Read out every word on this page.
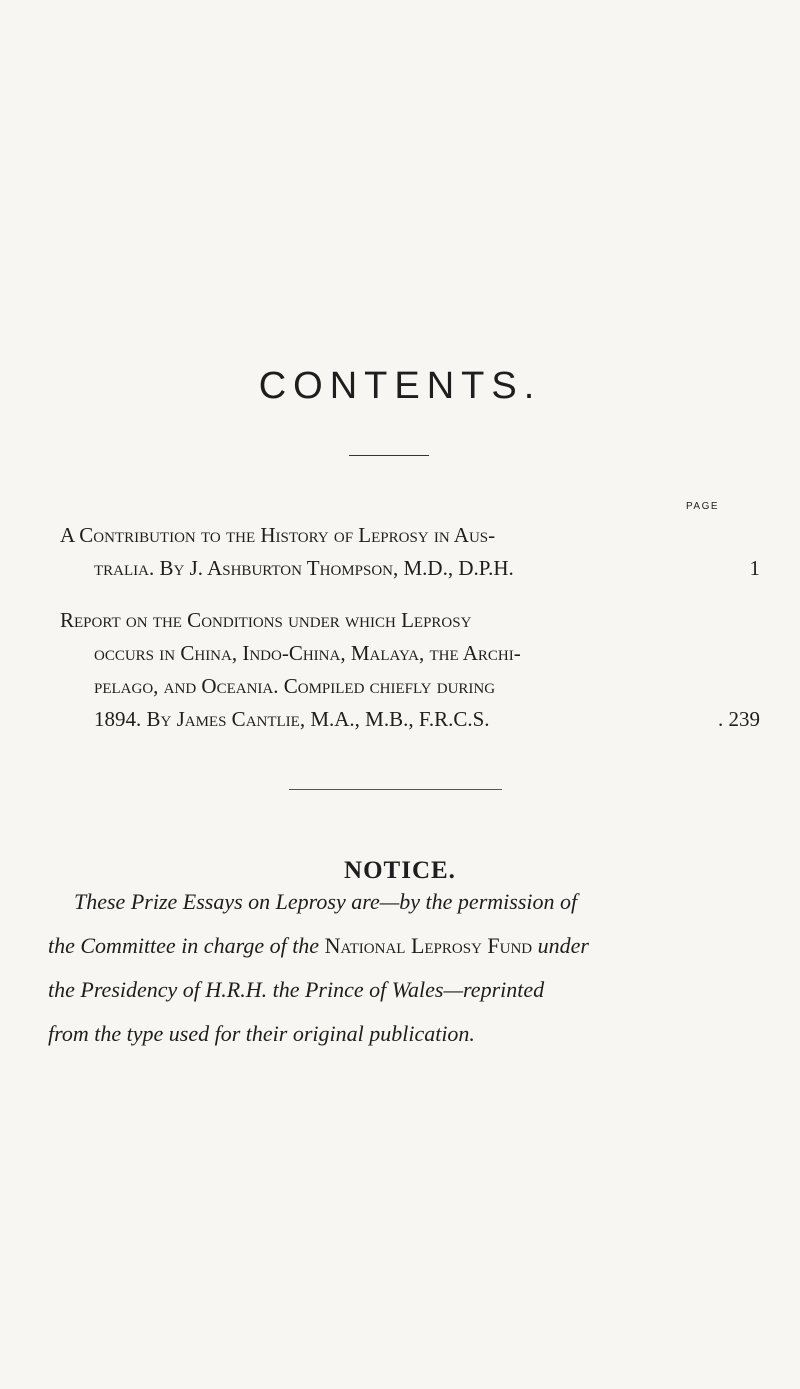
CONTENTS.
PAGE
A Contribution to the History of Leprosy in Aus-
tralia. By J. Ashburton Thompson, M.D., D.P.H.	1
Report on the Conditions under which Leprosy
occurs in China, Indo-China, Malaya, the Archi-
pelago, and Oceania. Compiled chiefly during
1894. By James Cantlie, M.A., M.B., F.R.C.S.	. 239
NOTICE.
These Prize Essays on Leprosy are—by the permission of
the Committee in charge of the National Leprosy Fund under
the Presidency of H.R.H. the Prince of Wales—reprinted
from the type used for their original publication.
